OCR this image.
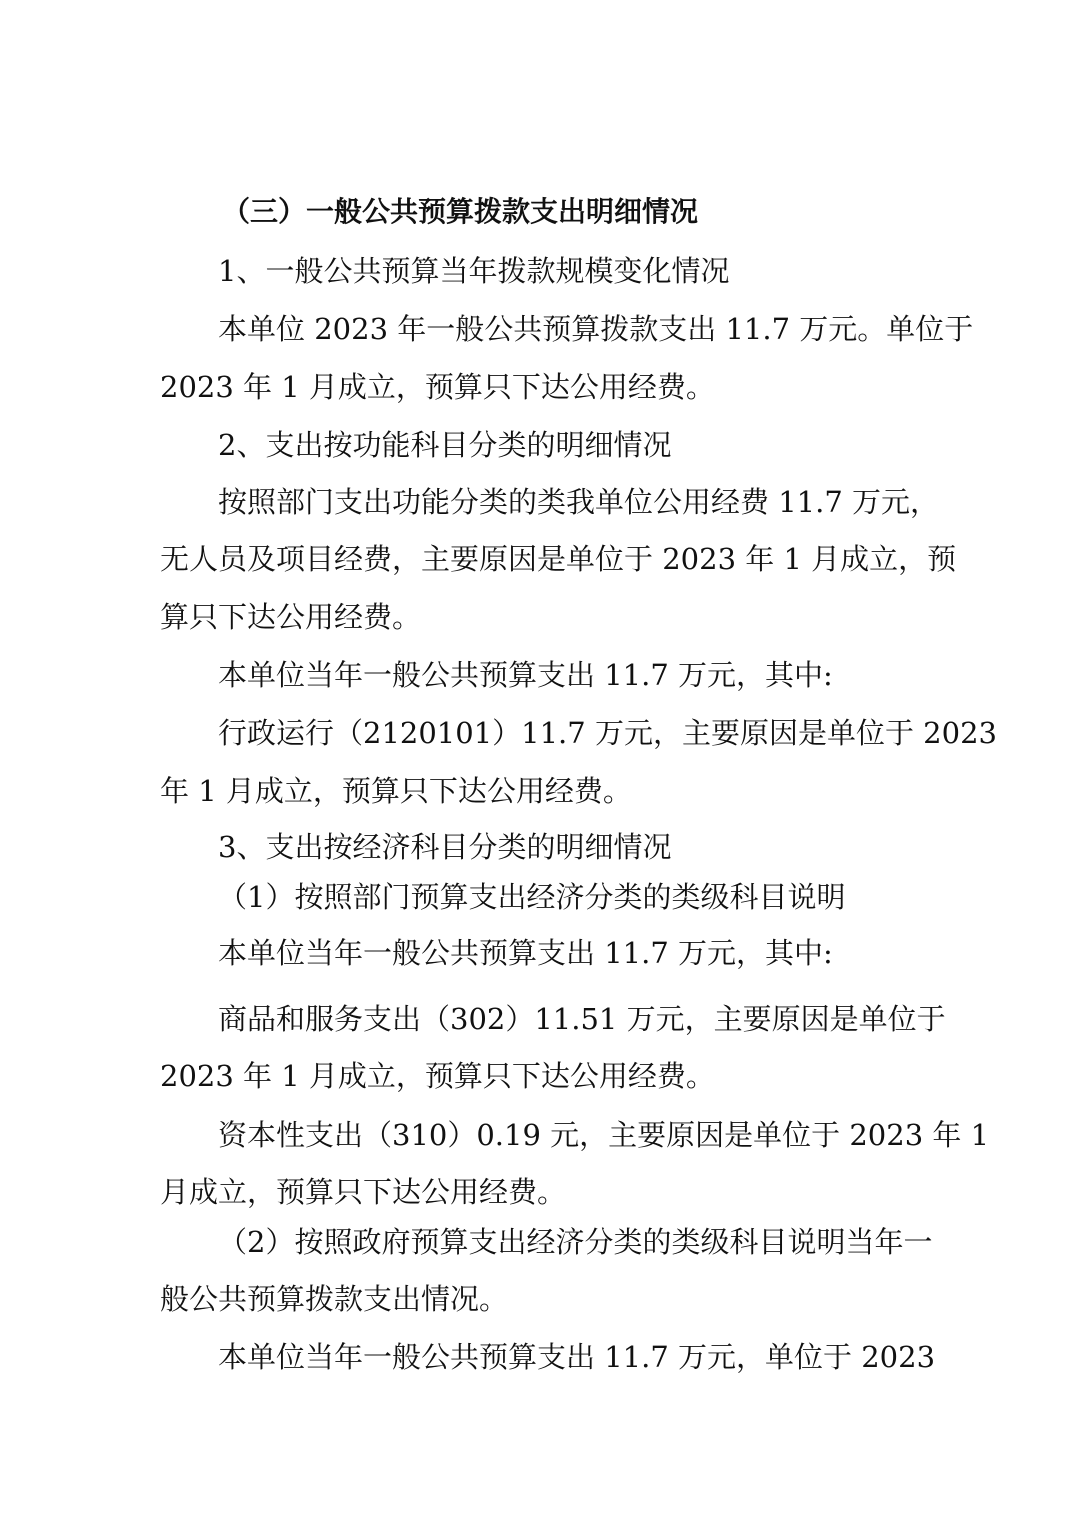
（三）一般公共预算拨款支出明细情况
1、一般公共预算当年拨款规模变化情况
本单位 2023 年一般公共预算拨款支出 11.7 万元。单位于
2023 年 1 月成立，预算只下达公用经费。
2、支出按功能科目分类的明细情况
按照部门支出功能分类的类我单位公用经费 11.7 万元，
无人员及项目经费，主要原因是单位于 2023 年 1 月成立，预
算只下达公用经费。
本单位当年一般公共预算支出 11.7 万元，其中:
行政运行（2120101）11.7 万元，主要原因是单位于 2023
年 1 月成立，预算只下达公用经费。
3、支出按经济科目分类的明细情况
（1）按照部门预算支出经济分类的类级科目说明
本单位当年一般公共预算支出 11.7 万元，其中:
商品和服务支出（302）11.51 万元，主要原因是单位于
2023 年 1 月成立，预算只下达公用经费。
资本性支出（310）0.19 元，主要原因是单位于 2023 年 1
月成立，预算只下达公用经费。
（2）按照政府预算支出经济分类的类级科目说明当年一
般公共预算拨款支出情况。
本单位当年一般公共预算支出 11.7 万元，单位于 2023
